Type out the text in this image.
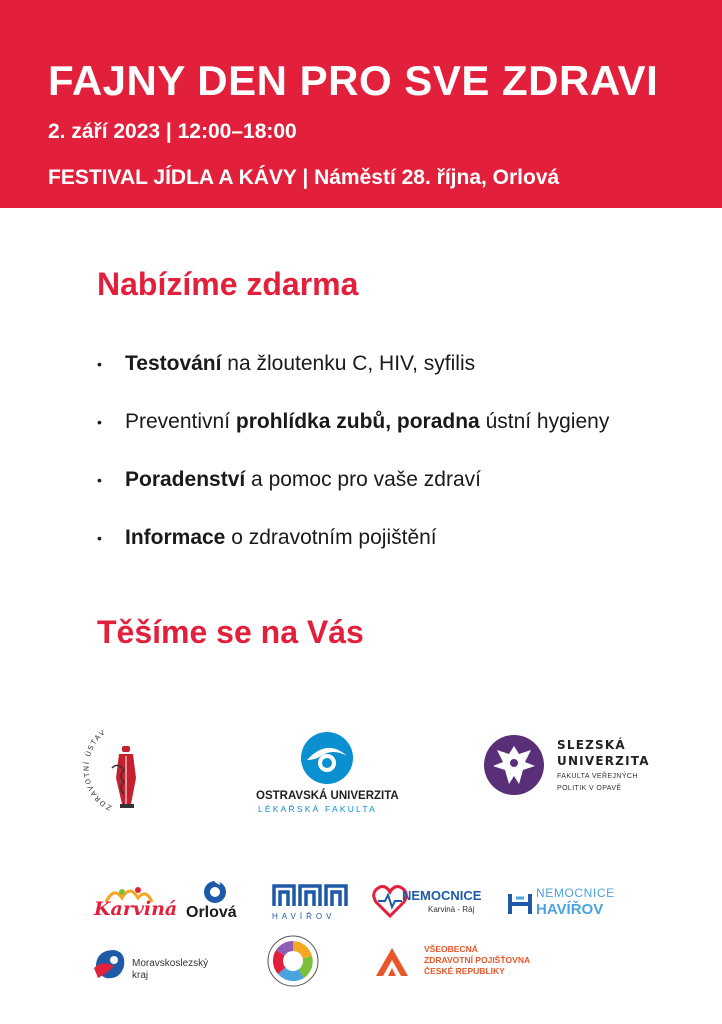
FAJNY DEN PRO SVE ZDRAVI
2. září 2023 | 12:00–18:00
FESTIVAL JÍDLA A KÁVY | Náměstí 28. října, Orlová
Nabízíme zdarma
• Testování na žloutenku C, HIV, syfilis
• Preventivní prohlídka zubů, poradna ústní hygieny
• Poradenství a pomoc pro vaše zdraví
• Informace o zdravotním pojištění
Těšíme se na Vás
ZDRAVOTNÍ ÚSTAV
OSTRAVSKÁ UNIVERZITA
LÉKAŘSKÁ FAKULTA
SLEZSKÁ
UNIVERZITA
FAKULTA VEŘEJNÝCH
POLITIK V OPAVĚ
Karviná Orlová	HAVÍŘOV
NEMOCNICE
Karviná - Ráj
NEMOCNICE
HAVÍŘOV
Moravskoslezský
kraj
VŠEOBECNÁ
ZDRAVOTNÍ POJIŠŤOVNA
ČESKÉ REPUBLIKY
